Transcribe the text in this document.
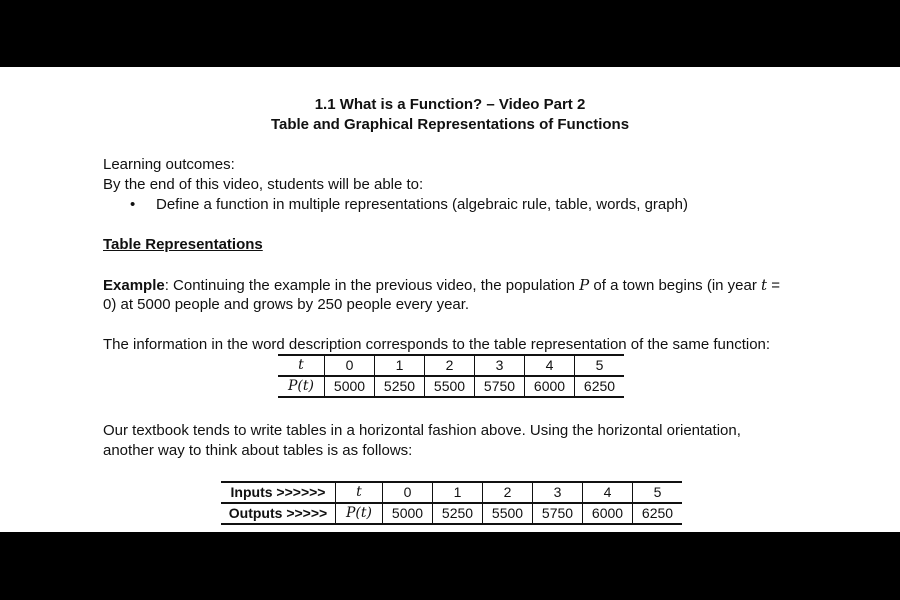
1.1 What is a Function? – Video Part 2
Table and Graphical Representations of Functions
Learning outcomes:
By the end of this video, students will be able to:
• Define a function in multiple representations (algebraic rule, table, words, graph)
Table Representations
Example: Continuing the example in the previous video, the population P of a town begins (in year t =
0) at 5000 people and grows by 250 people every year.
The information in the word description corresponds to the table representation of the same function:
t	0	1	2	3	4	5
P(t)	5000	5250	5500	5750	6000	6250
Our textbook tends to write tables in a horizontal fashion above. Using the horizontal orientation,
another way to think about tables is as follows:
Inputs >>>>>>	t	0	1	2	3	4	5
Outputs >>>>>	P(t)	5000	5250	5500	5750	6000	6250
